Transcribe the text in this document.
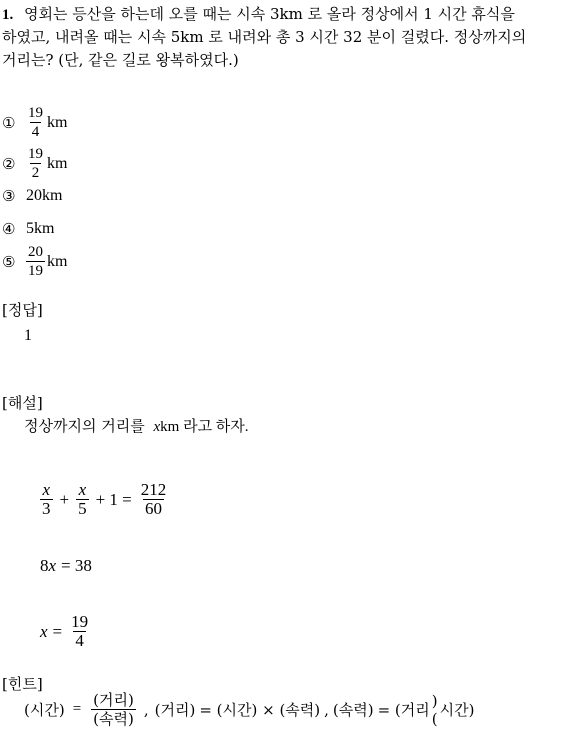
1. 영회는 등산을 하는데 오를 때는 시속 3km 로 올라 정상에서 1 시간 휴식을
하였고, 내려올 때는 시속 5km 로 내려와 총 3 시간 32 분이 걸렸다. 정상까지의
거리는? (단, 같은 길로 왕복하였다.)
① $\frac{19}{4}$ km
② $\frac{19}{2}$ km
③ 20km
④ 5km
⑤ $\frac{20}{19}$ km
[정답]
1
[해설]
정상까지의 거리를 xkm 라고 하자.
$\frac{x}{3} + \frac{x}{5} + 1 = \frac{212}{60}$
8 x = 38
$x = \frac{19}{4}$
[힌트]
(시간) = $\frac{\text{(거리)}}{\text{(속력)}}$ , (거리) = (시간) × (속력) , (속력) = (거리
)
( 시간)
